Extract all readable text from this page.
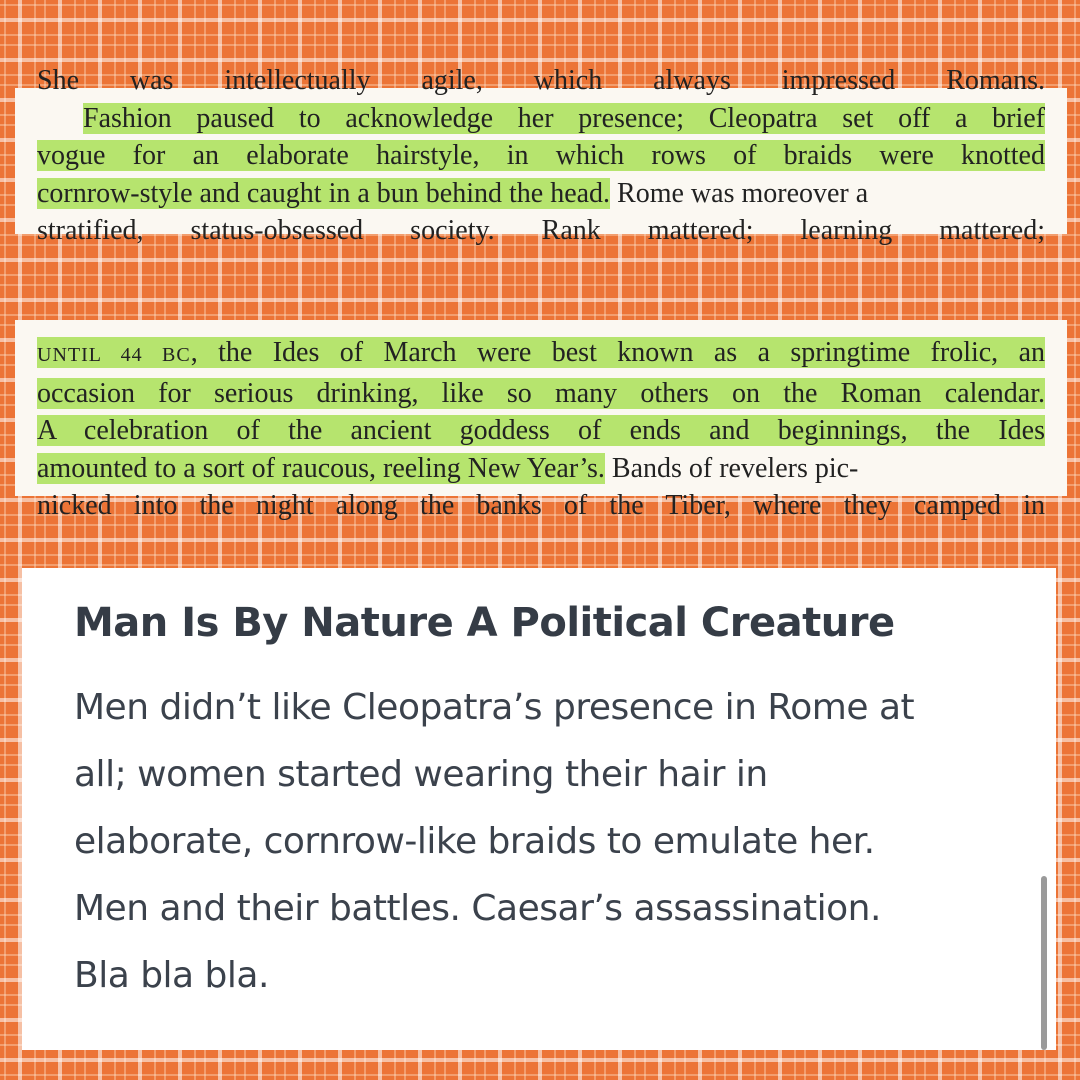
She was intellectually agile, which always impressed Romans.
Fashion paused to acknowledge her presence; Cleopatra set off a brief
vogue for an elaborate hairstyle, in which rows of braids were knotted
cornrow-style and caught in a bun behind the head. Rome was moreover a
stratified, status-obsessed society. Rank mattered; learning mattered;
UNTIL 44 BC, the Ides of March were best known as a springtime frolic, an
occasion for serious drinking, like so many others on the Roman calendar.
A celebration of the ancient goddess of ends and beginnings, the Ides
amounted to a sort of raucous, reeling New Year’s. Bands of revelers pic-
nicked into the night along the banks of the Tiber, where they camped in
Man Is By Nature A Political Creature

Men didn’t like Cleopatra’s presence in Rome at
all; women started wearing their hair in
elaborate, cornrow-like braids to emulate her.
Men and their battles. Caesar’s assassination.
Bla bla bla.
